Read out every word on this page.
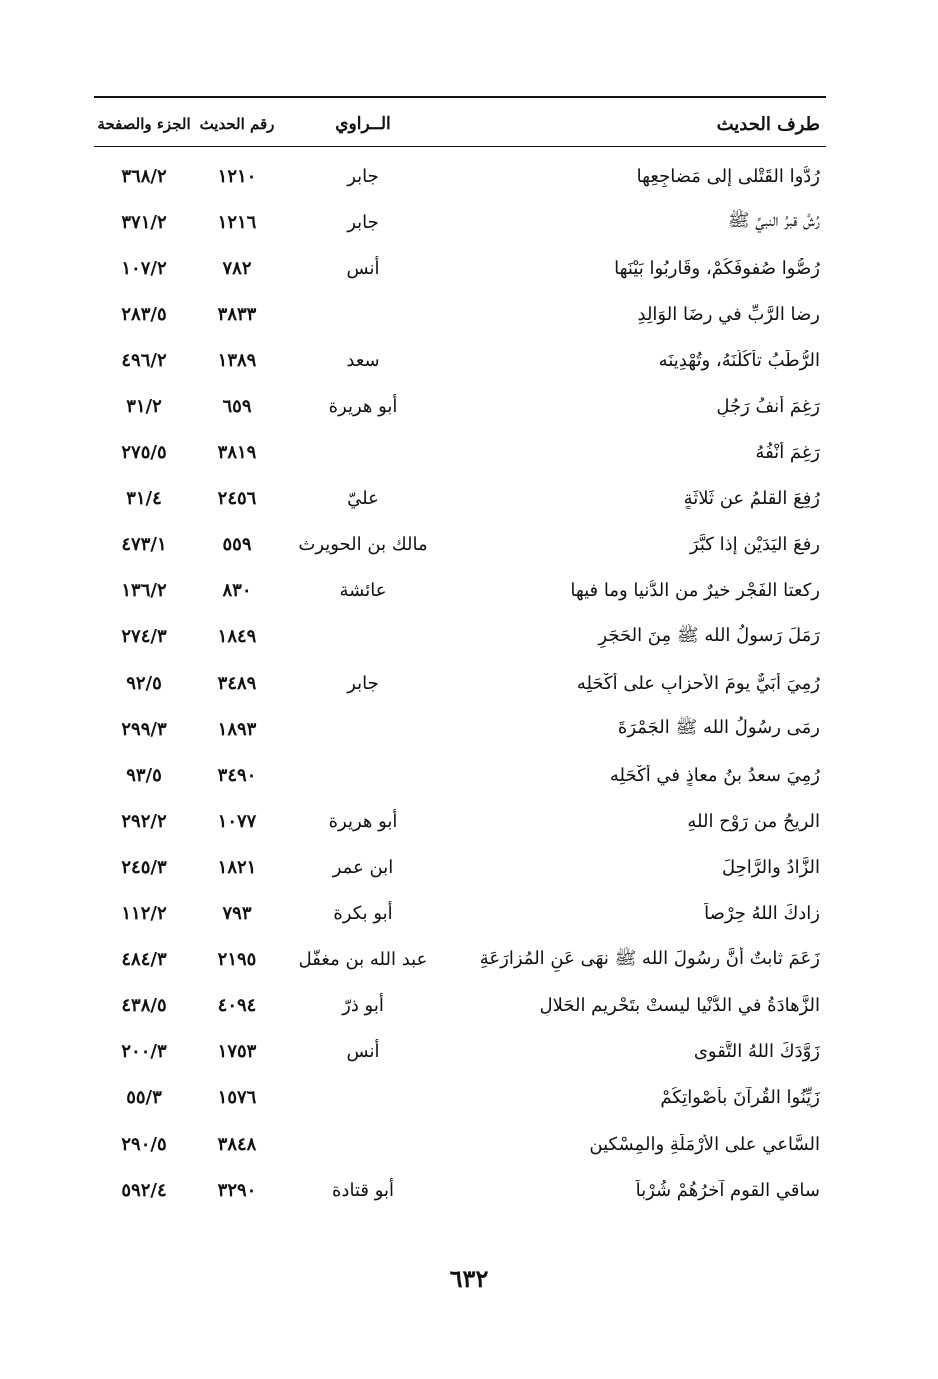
طرف الحديث
الــراوي
رقم الحديث
الجزء والصفحة
رُدُّوا القَتْلى إلى مَضاجِعِها
جابر
١٢١٠
٣٦٨/٢
رُشَّ قبرُ النبيِّ ﷺ
جابر
١٢١٦
٣٧١/٢
رُصُّوا صُفوفَكُمْ، وقَارِبُوا بَيْنَها
أنس
٧٨٢
١٠٧/٢
رِضا الرَّبِّ في رِضَا الوَالِدِ
٣٨٣٣
٢٨٣/٥
الرُّطَبُ تأكُلُنَهُ، وتُهْدِينَه
سعد
١٣٨٩
٤٩٦/٢
رَغِمَ أنفُ رَجُلٍ
أبو هريرة
٦٥٩
٣١/٢
رَغِمَ أَنْفُهُ
٣٨١٩
٢٧٥/٥
رُفِعَ القلمُ عن ثَلاثَةٍ
عليّ
٢٤٥٦
٣١/٤
رفعَ اليَدَيْنِ إذا كبَّرَ
مالك بن الحويرث
٥٥٩
٤٧٣/١
ركعتا الفَجْرِ خيرٌ من الدُّنيا وما فيها
عائشة
٨٣٠
١٣٦/٢
رَمَلَ رَسولُ الله ﷺ مِنَ الحَجَرِ
١٨٤٩
٢٧٤/٣
رُمِيَ أُبَيٌّ يومَ الأحزابِ على أَكْحَلِه
جابر
٣٤٨٩
٩٢/٥
رمَى رسُولُ الله ﷺ الجَمْرَةَ
١٨٩٣
٢٩٩/٣
رُمِيَ سعدُ بنُ معاذٍ في أَكْحَلِه
٣٤٩٠
٩٣/٥
الريحُ من رَوْحِ اللهِ
أبو هريرة
١٠٧٧
٢٩٢/٢
الزَّادُ والرَّاحِلَ
ابن عمر
١٨٢١
٢٤٥/٣
زادكَ اللهُ حِرْصاً
أبو بكرة
٧٩٣
١١٢/٢
زَعَمَ ثابتٌ أنَّ رسُولَ الله ﷺ نهَى عَنِ المُزارَعَةِ
عبد الله بن مغفّل
٢١٩٥
٤٨٤/٣
الزَّهادَةُ في الدُّنْيا ليستْ بتَحْريمِ الحَلالِ
أبو ذرّ
٤٠٩٤
٤٣٨/٥
زَوَّدَكَ اللهُ التَّقوى
أنس
١٧٥٣
٢٠٠/٣
زَيِّنُوا القُرآنَ بأَصْواتِكُمْ
١٥٧٦
٥٥/٣
السَّاعي على الأَرْمَلَةِ والمِسْكينِ
٣٨٤٨
٢٩٠/٥
ساقي القومِ آخرُهُمْ شُرْباً
أبو قتادة
٣٢٩٠
٥٩٢/٤
٦٣٢
